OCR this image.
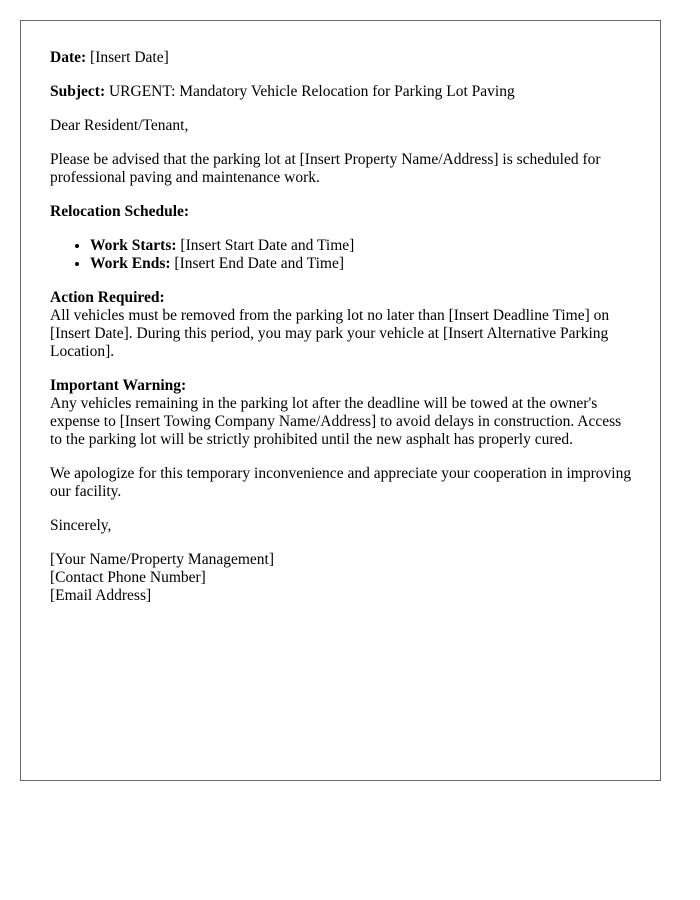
Date: [Insert Date]

Subject: URGENT: Mandatory Vehicle Relocation for Parking Lot Paving

Dear Resident/Tenant,

Please be advised that the parking lot at [Insert Property Name/Address] is scheduled for professional paving and maintenance work.

Relocation Schedule:

• Work Starts: [Insert Start Date and Time]
• Work Ends: [Insert End Date and Time]

Action Required:
All vehicles must be removed from the parking lot no later than [Insert Deadline Time] on [Insert Date]. During this period, you may park your vehicle at [Insert Alternative Parking Location].

Important Warning:
Any vehicles remaining in the parking lot after the deadline will be towed at the owner's expense to [Insert Towing Company Name/Address] to avoid delays in construction. Access to the parking lot will be strictly prohibited until the new asphalt has properly cured.

We apologize for this temporary inconvenience and appreciate your cooperation in improving our facility.

Sincerely,

[Your Name/Property Management]
[Contact Phone Number]
[Email Address]
